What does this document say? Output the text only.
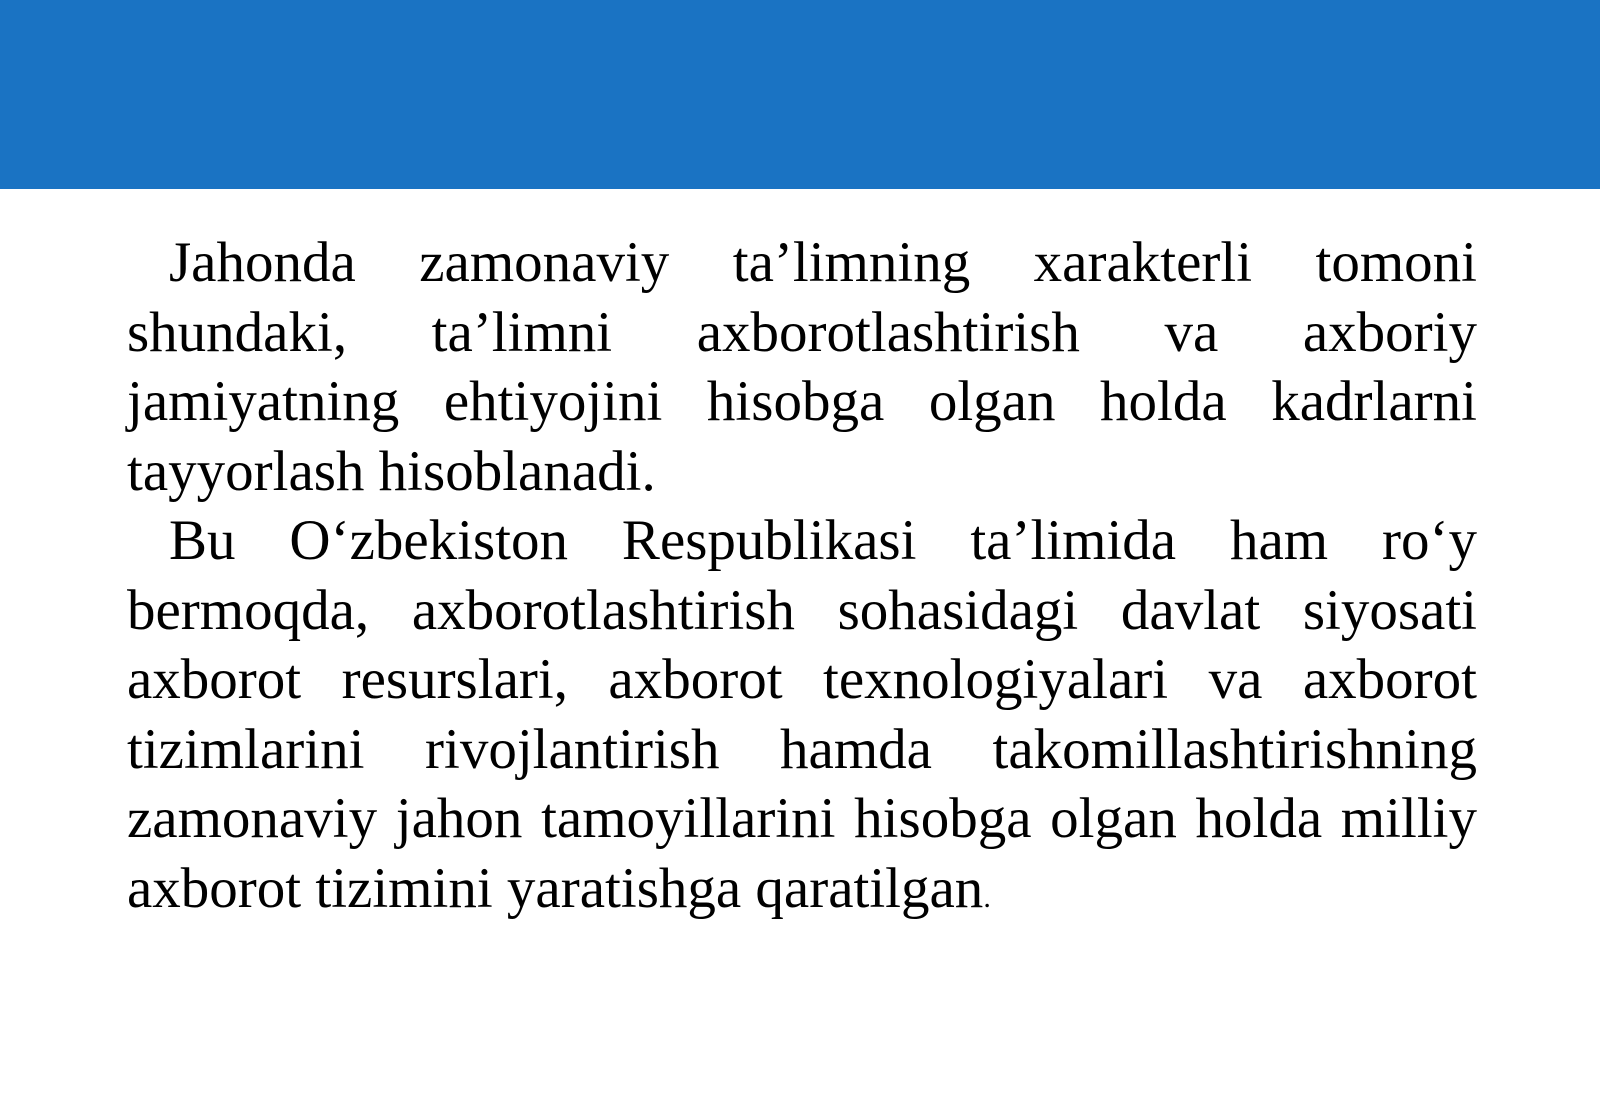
Jahonda zamonaviy ta’limning xarakterli tomoni shundaki, ta’limni axborotlashtirish va axboriy jamiyatning ehtiyojini hisobga olgan holda kadrlarni tayyorlash hisoblanadi.

Bu O‘zbekiston Respublikasi ta’limida ham ro‘y bermoqda, axborotlashtirish sohasidagi davlat siyosati axborot resurslari, axborot texnologiyalari va axborot tizimlarini rivojlantirish hamda takomillashtirishning zamonaviy jahon tamoyillarini hisobga olgan holda milliy axborot tizimini yaratishga qaratilgan.
